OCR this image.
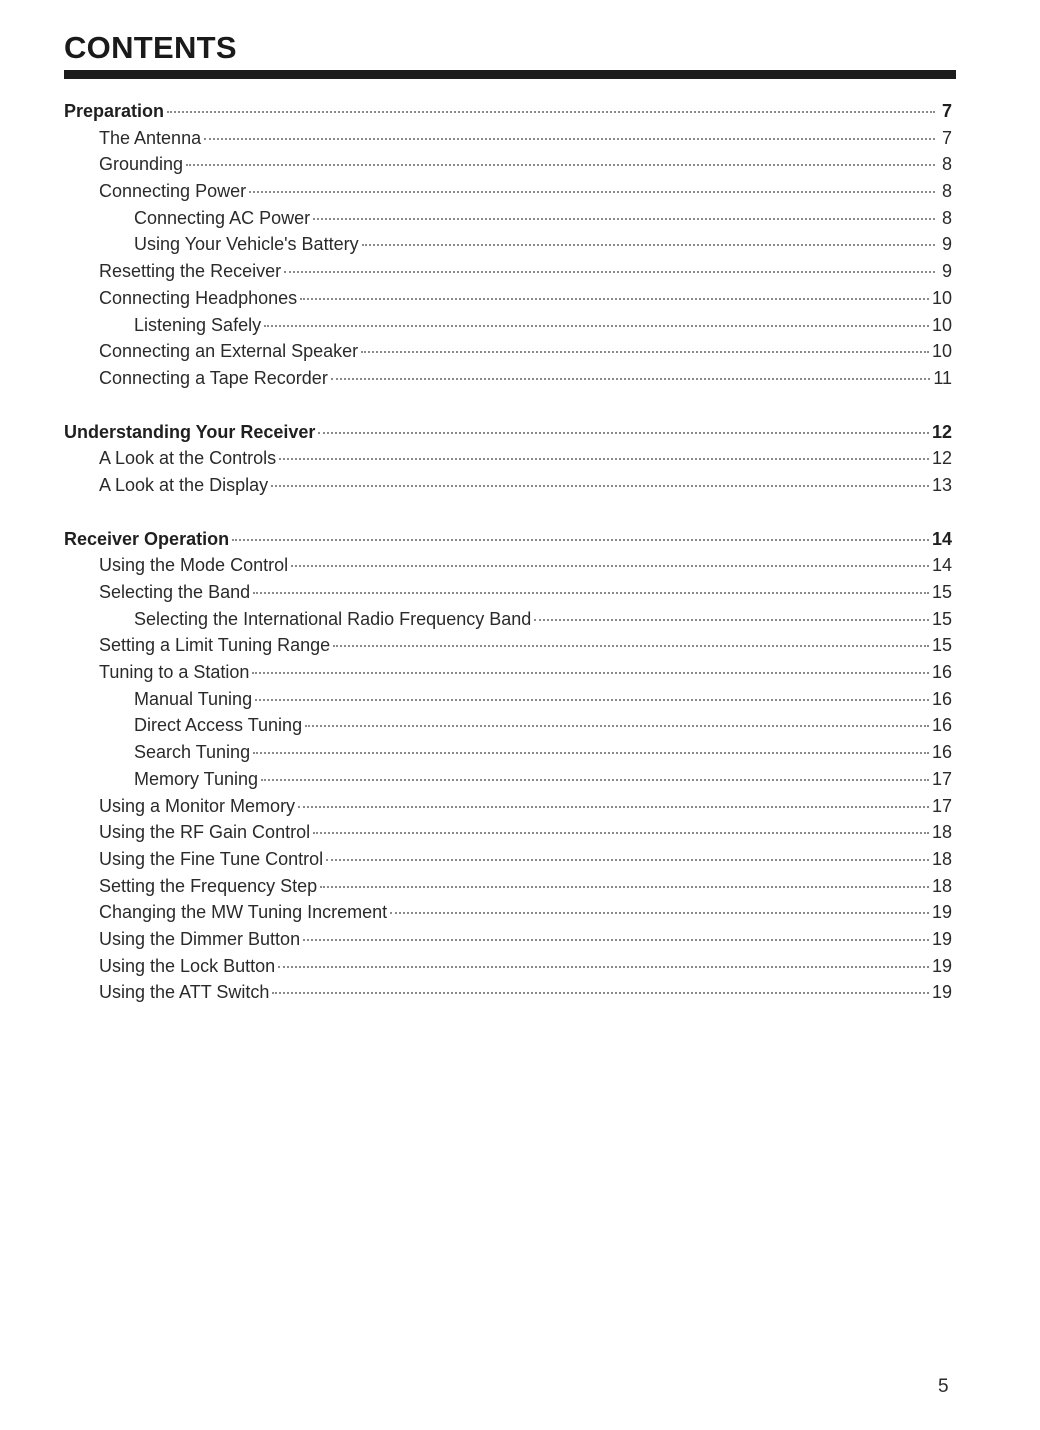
CONTENTS
Preparation	7
The Antenna	7
Grounding	8
Connecting Power	8
Connecting AC Power	8
Using Your Vehicle's Battery	9
Resetting the Receiver	9
Connecting Headphones	10
Listening Safely	10
Connecting an External Speaker	10
Connecting a Tape Recorder	11
Understanding Your Receiver	12
A Look at the Controls	12
A Look at the Display	13
Receiver Operation	14
Using the Mode Control	14
Selecting the Band	15
Selecting the International Radio Frequency Band	15
Setting a Limit Tuning Range	15
Tuning to a Station	16
Manual Tuning	16
Direct Access Tuning	16
Search Tuning	16
Memory Tuning	17
Using a Monitor Memory	17
Using the RF Gain Control	18
Using the Fine Tune Control	18
Setting the Frequency Step	18
Changing the MW Tuning Increment	19
Using the Dimmer Button	19
Using the Lock Button	19
Using the ATT Switch	19
5
